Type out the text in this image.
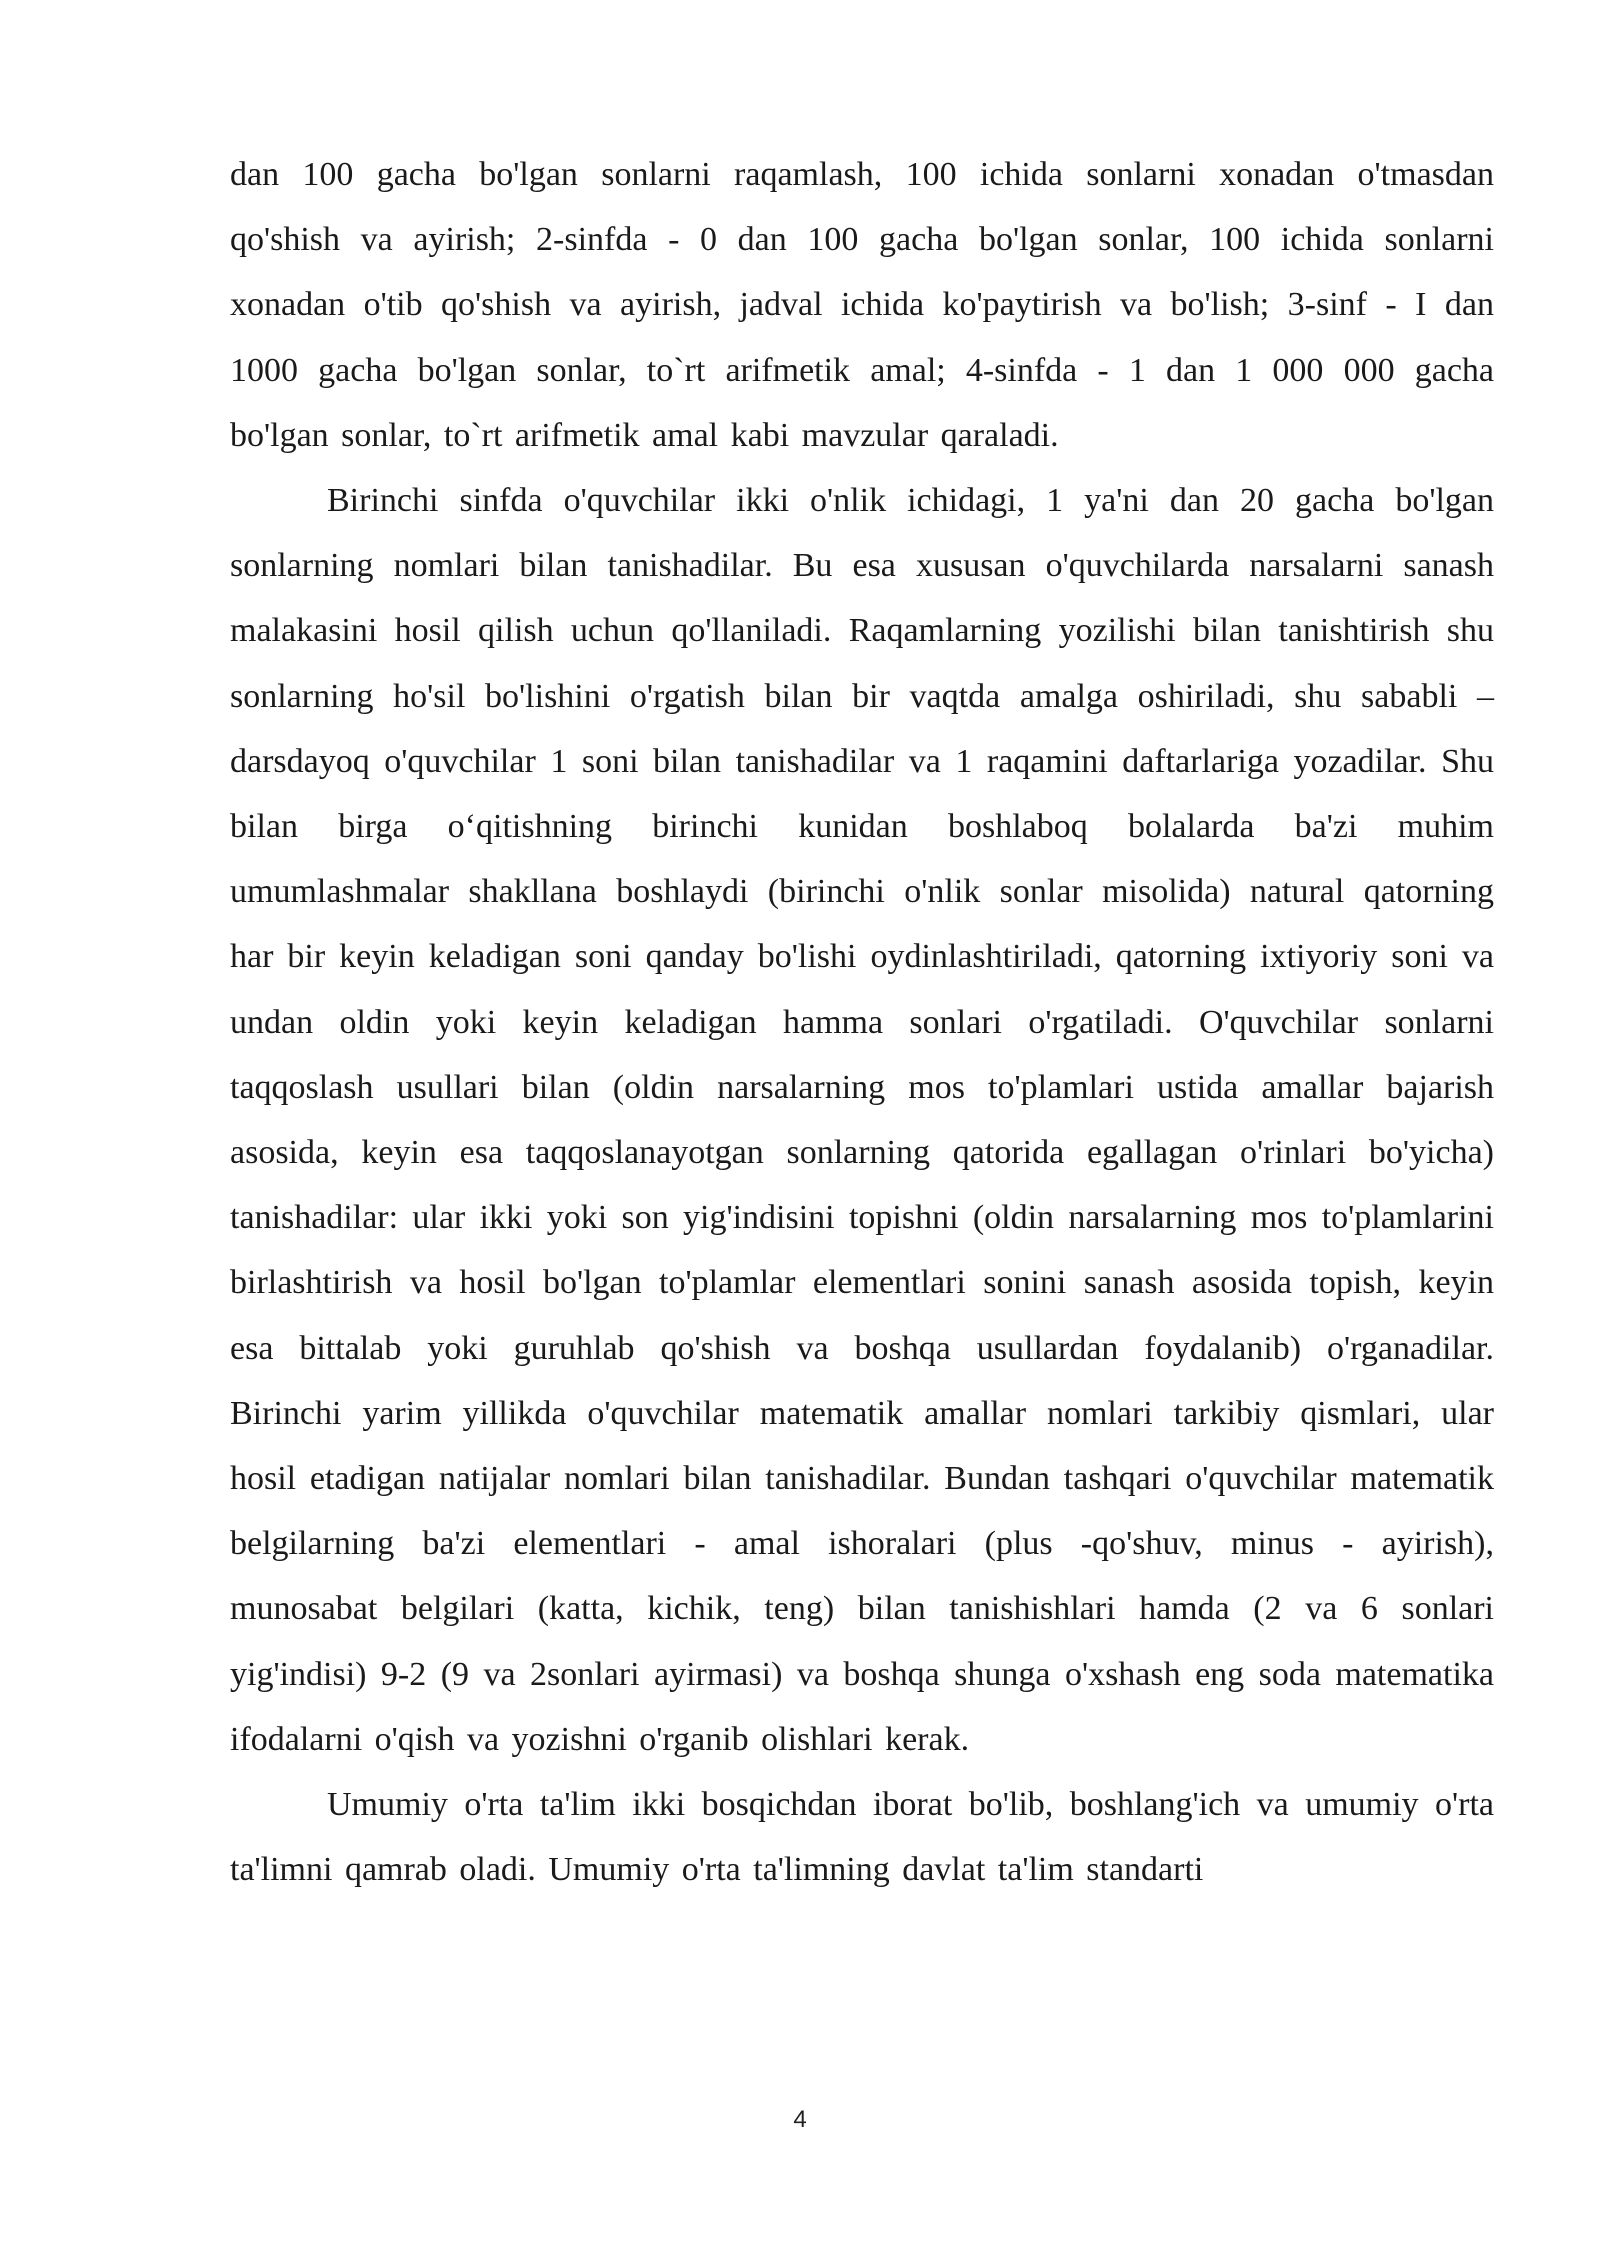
dan 100 gacha bo'lgan sonlarni raqamlash, 100 ichida sonlarni xonadan o'tmasdan qo'shish va ayirish; 2-sinfda - 0 dan 100 gacha bo'lgan sonlar, 100 ichida sonlarni xonadan o'tib qo'shish va ayirish, jadval ichida ko'paytirish va bo'lish; 3-sinf - I dan 1000 gacha bo'lgan sonlar, to`rt arifmetik amal; 4-sinfda - 1 dan 1 000 000 gacha bo'lgan sonlar, to`rt arifmetik amal kabi mavzular qaraladi.

Birinchi sinfda o'quvchilar ikki o'nlik ichidagi, 1 ya'ni dan 20 gacha bo'lgan sonlarning nomlari bilan tanishadilar. Bu esa xususan o'quvchilarda narsalarni sanash malakasini hosil qilish uchun qo'llaniladi. Raqamlarning yozilishi bilan tanishtirish shu sonlarning ho'sil bo'lishini o'rgatish bilan bir vaqtda amalga oshiriladi, shu sababli – darsdayoq o'quvchilar 1 soni bilan tanishadilar va 1 raqamini daftarlariga yozadilar. Shu bilan birga o‘qitishning birinchi kunidan boshlaboq bolalarda ba'zi muhim umumlashmalar shakllana boshlaydi (birinchi o'nlik sonlar misolida) natural qatorning har bir keyin keladigan soni qanday bo'lishi oydinlashtiriladi, qatorning ixtiyoriy soni va undan oldin yoki keyin keladigan hamma sonlari o'rgatiladi. O'quvchilar sonlarni taqqoslash usullari bilan (oldin narsalarning mos to'plamlari ustida amallar bajarish asosida, keyin esa taqqoslanayotgan sonlarning qatorida egallagan o'rinlari bo'yicha) tanishadilar: ular ikki yoki son yig'indisini topishni (oldin narsalarning mos to'plamlarini birlashtirish va hosil bo'lgan to'plamlar elementlari sonini sanash asosida topish, keyin esa bittalab yoki guruhlab qo'shish va boshqa usullardan foydalanib) o'rganadilar. Birinchi yarim yillikda o'quvchilar matematik amallar nomlari tarkibiy qismlari, ular hosil etadigan natijalar nomlari bilan tanishadilar. Bundan tashqari o'quvchilar matematik belgilarning ba'zi elementlari - amal ishoralari (plus -qo'shuv, minus - ayirish), munosabat belgilari (katta, kichik, teng) bilan tanishishlari hamda (2 va 6 sonlari yig'indisi) 9-2 (9 va 2sonlari ayirmasi) va boshqa shunga o'xshash eng soda matematika ifodalarni o'qish va yozishni o'rganib olishlari kerak.

Umumiy o'rta ta'lim ikki bosqichdan iborat bo'lib, boshlang'ich va umumiy o'rta ta'limni qamrab oladi. Umumiy o'rta ta'limning davlat ta'lim standarti

4
